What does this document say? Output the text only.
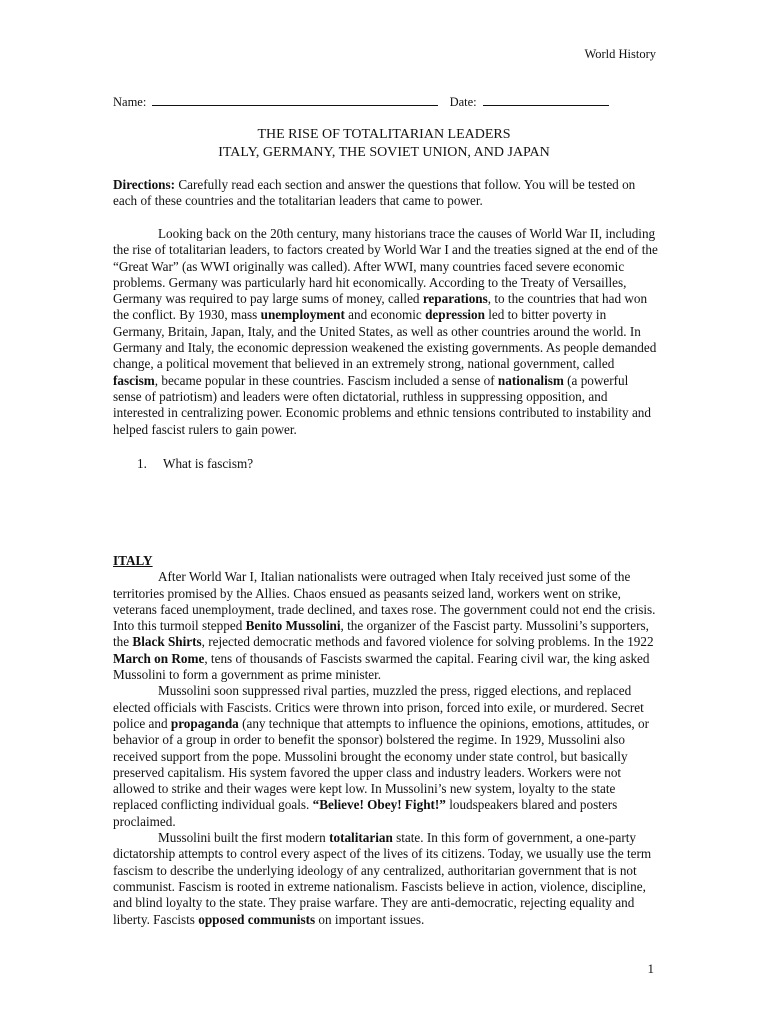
World History
Name:	Date:
THE RISE OF TOTALITARIAN LEADERS
ITALY, GERMANY, THE SOVIET UNION, AND JAPAN

Directions: Carefully read each section and answer the questions that follow. You will be tested on each of these countries and the totalitarian leaders that came to power.

Looking back on the 20th century, many historians trace the causes of World War II, including the rise of totalitarian leaders, to factors created by World War I and the treaties signed at the end of the “Great War” (as WWI originally was called). After WWI, many countries faced severe economic problems. Germany was particularly hard hit economically. According to the Treaty of Versailles, Germany was required to pay large sums of money, called reparations, to the countries that had won the conflict. By 1930, mass unemployment and economic depression led to bitter poverty in Germany, Britain, Japan, Italy, and the United States, as well as other countries around the world. In Germany and Italy, the economic depression weakened the existing governments. As people demanded change, a political movement that believed in an extremely strong, national government, called fascism, became popular in these countries. Fascism included a sense of nationalism (a powerful sense of patriotism) and leaders were often dictatorial, ruthless in suppressing opposition, and interested in centralizing power. Economic problems and ethnic tensions contributed to instability and helped fascist rulers to gain power.

1.	What is fascism?

ITALY

After World War I, Italian nationalists were outraged when Italy received just some of the territories promised by the Allies. Chaos ensued as peasants seized land, workers went on strike, veterans faced unemployment, trade declined, and taxes rose. The government could not end the crisis. Into this turmoil stepped Benito Mussolini, the organizer of the Fascist party. Mussolini’s supporters, the Black Shirts, rejected democratic methods and favored violence for solving problems. In the 1922 March on Rome, tens of thousands of Fascists swarmed the capital. Fearing civil war, the king asked Mussolini to form a government as prime minister.

Mussolini soon suppressed rival parties, muzzled the press, rigged elections, and replaced elected officials with Fascists. Critics were thrown into prison, forced into exile, or murdered. Secret police and propaganda (any technique that attempts to influence the opinions, emotions, attitudes, or behavior of a group in order to benefit the sponsor) bolstered the regime. In 1929, Mussolini also received support from the pope. Mussolini brought the economy under state control, but basically preserved capitalism. His system favored the upper class and industry leaders. Workers were not allowed to strike and their wages were kept low. In Mussolini’s new system, loyalty to the state replaced conflicting individual goals. “Believe! Obey! Fight!” loudspeakers blared and posters proclaimed.

Mussolini built the first modern totalitarian state. In this form of government, a one-party dictatorship attempts to control every aspect of the lives of its citizens. Today, we usually use the term fascism to describe the underlying ideology of any centralized, authoritarian government that is not communist. Fascism is rooted in extreme nationalism. Fascists believe in action, violence, discipline, and blind loyalty to the state. They praise warfare. They are anti-democratic, rejecting equality and liberty. Fascists opposed communists on important issues.

1
